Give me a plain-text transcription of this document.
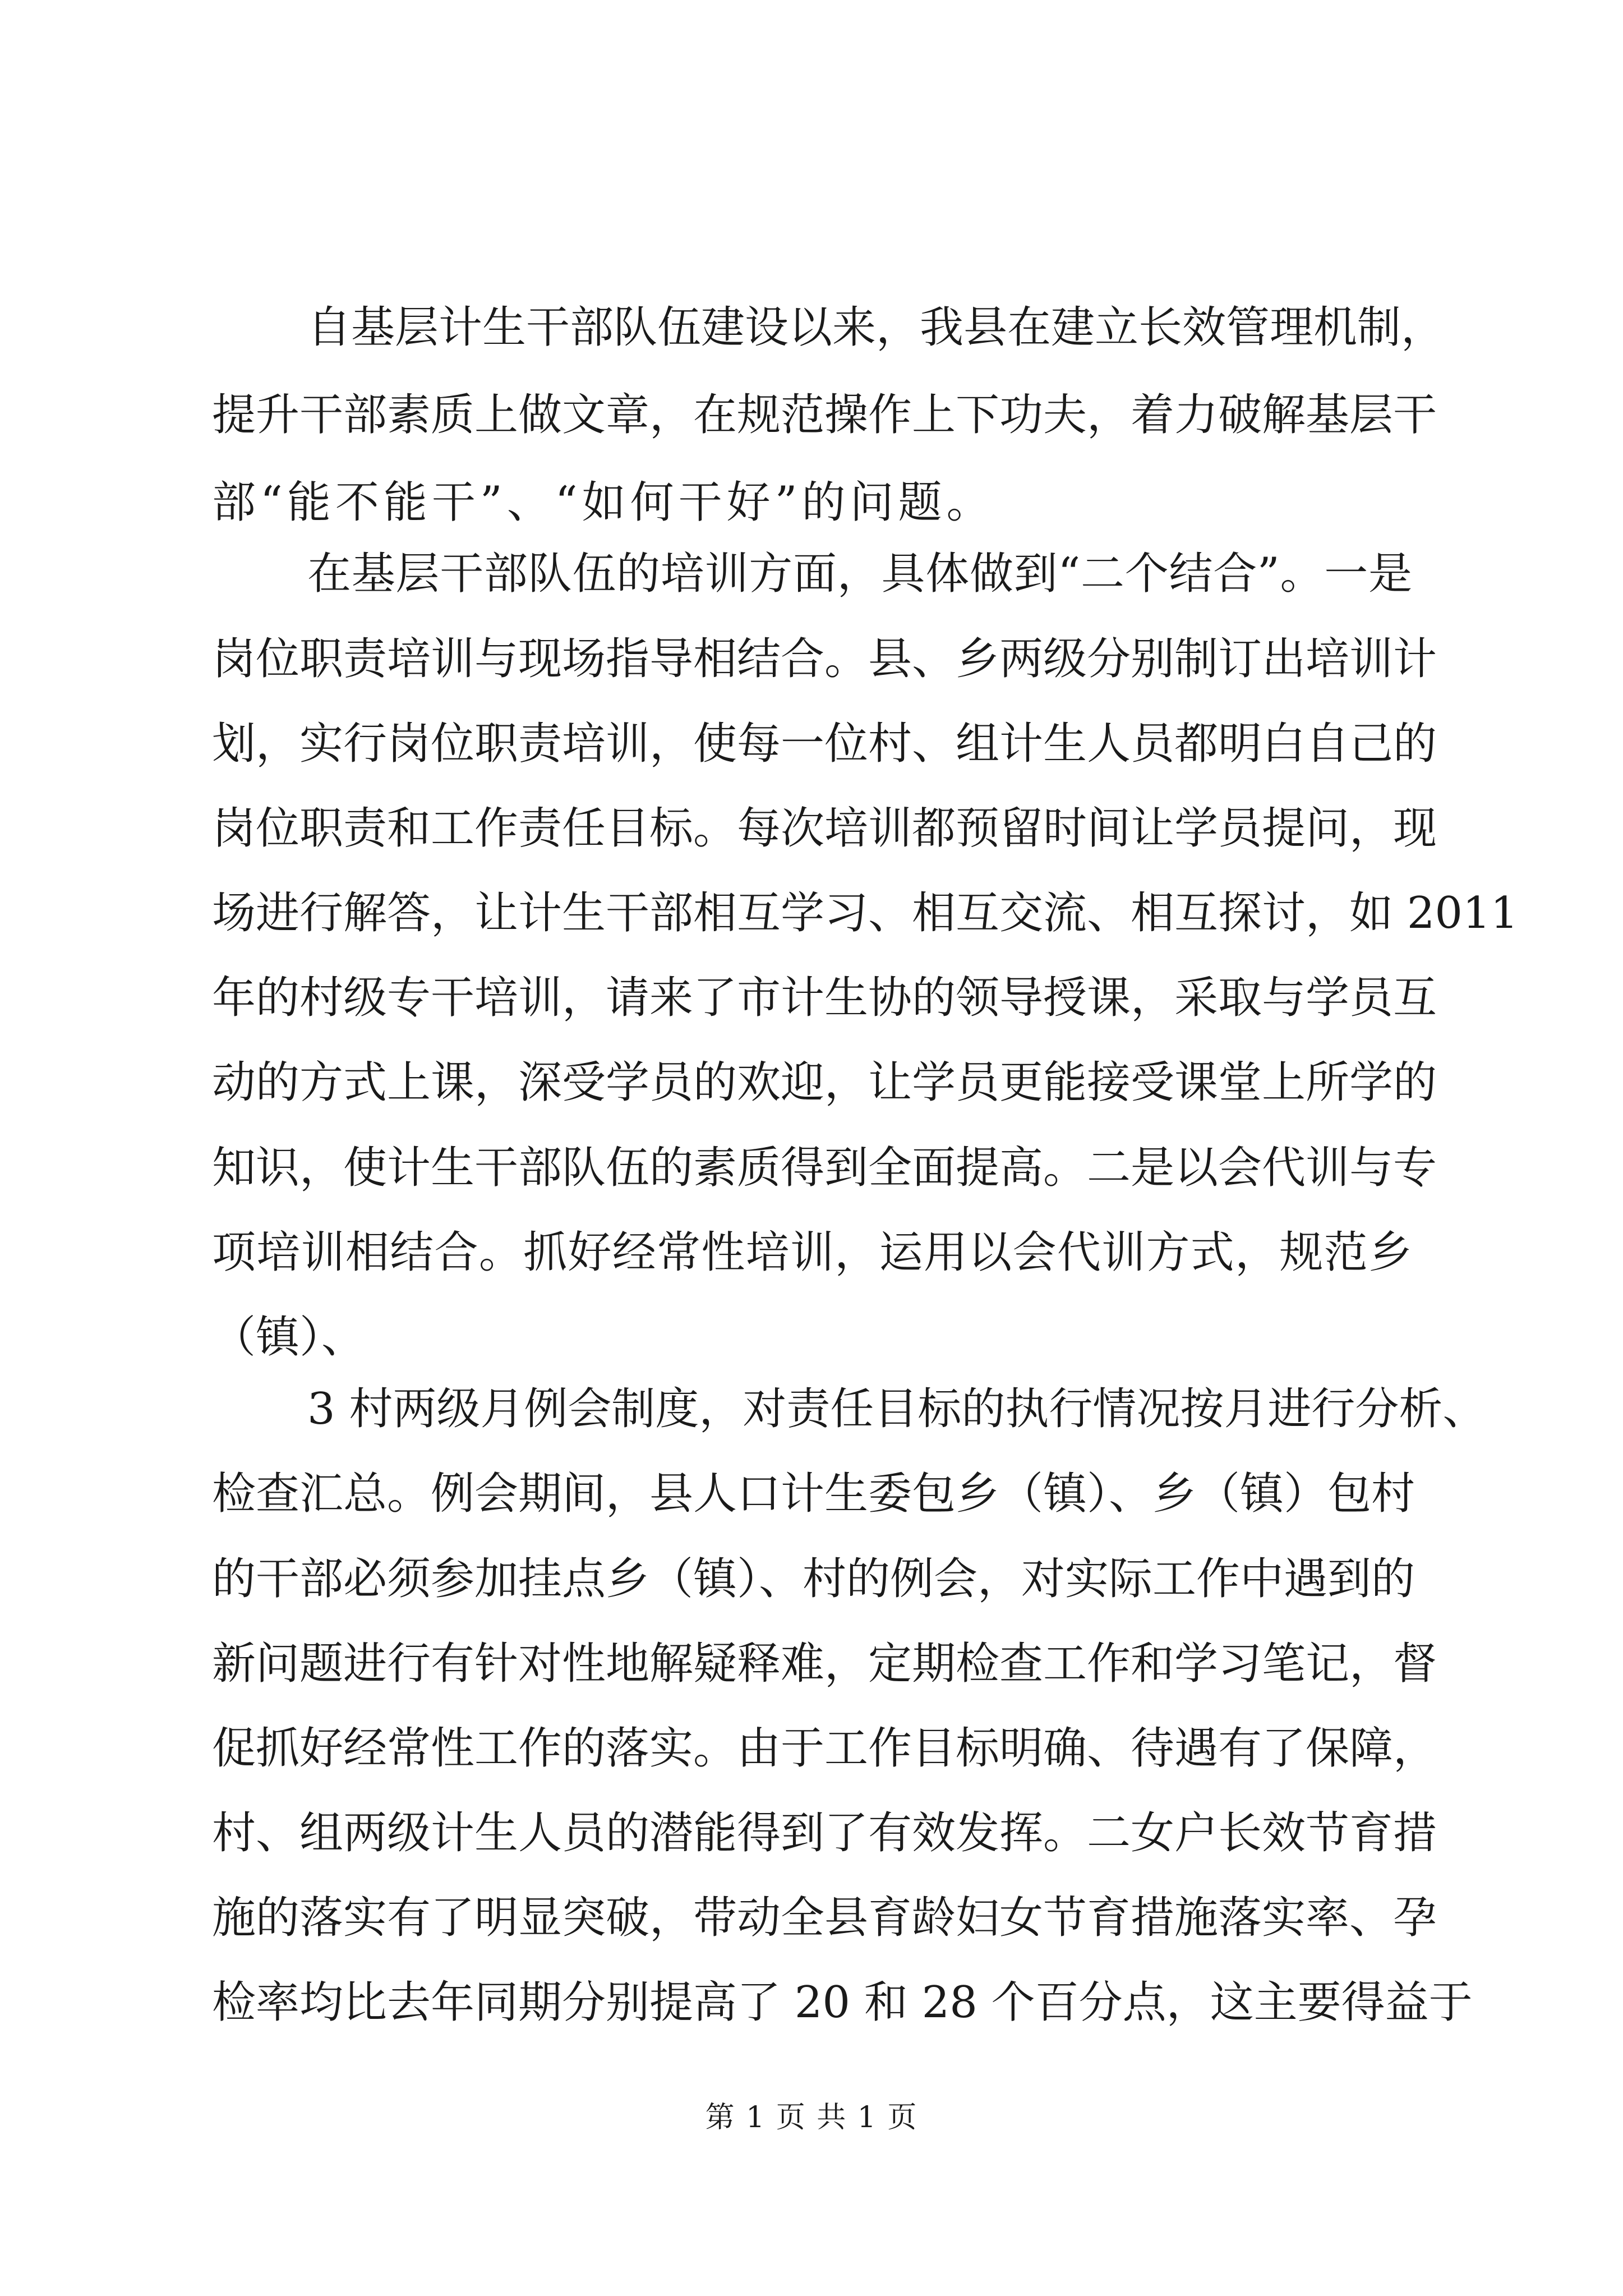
自基层计生干部队伍建设以来，我县在建立长效管理机制，
提升干部素质上做文章，在规范操作上下功夫，着力破解基层干
部“能不能干”、“如何干好”的问题。
在基层干部队伍的培训方面，具体做到“二个结合”。一是
岗位职责培训与现场指导相结合。县、乡两级分别制订出培训计
划，实行岗位职责培训，使每一位村、组计生人员都明白自己的
岗位职责和工作责任目标。每次培训都预留时间让学员提问，现
场进行解答，让计生干部相互学习、相互交流、相互探讨，如 2011
年的村级专干培训，请来了市计生协的领导授课，采取与学员互
动的方式上课，深受学员的欢迎，让学员更能接受课堂上所学的
知识，使计生干部队伍的素质得到全面提高。二是以会代训与专
项培训相结合。抓好经常性培训，运用以会代训方式，规范乡
（镇）、
3 村两级月例会制度，对责任目标的执行情况按月进行分析、
检查汇总。例会期间，县人口计生委包乡（镇）、乡（镇）包村
的干部必须参加挂点乡（镇）、村的例会，对实际工作中遇到的
新问题进行有针对性地解疑释难，定期检查工作和学习笔记，督
促抓好经常性工作的落实。由于工作目标明确、待遇有了保障，
村、组两级计生人员的潜能得到了有效发挥。二女户长效节育措
施的落实有了明显突破，带动全县育龄妇女节育措施落实率、孕
检率均比去年同期分别提高了 20 和 28 个百分点，这主要得益于
第 1 页 共 1 页
